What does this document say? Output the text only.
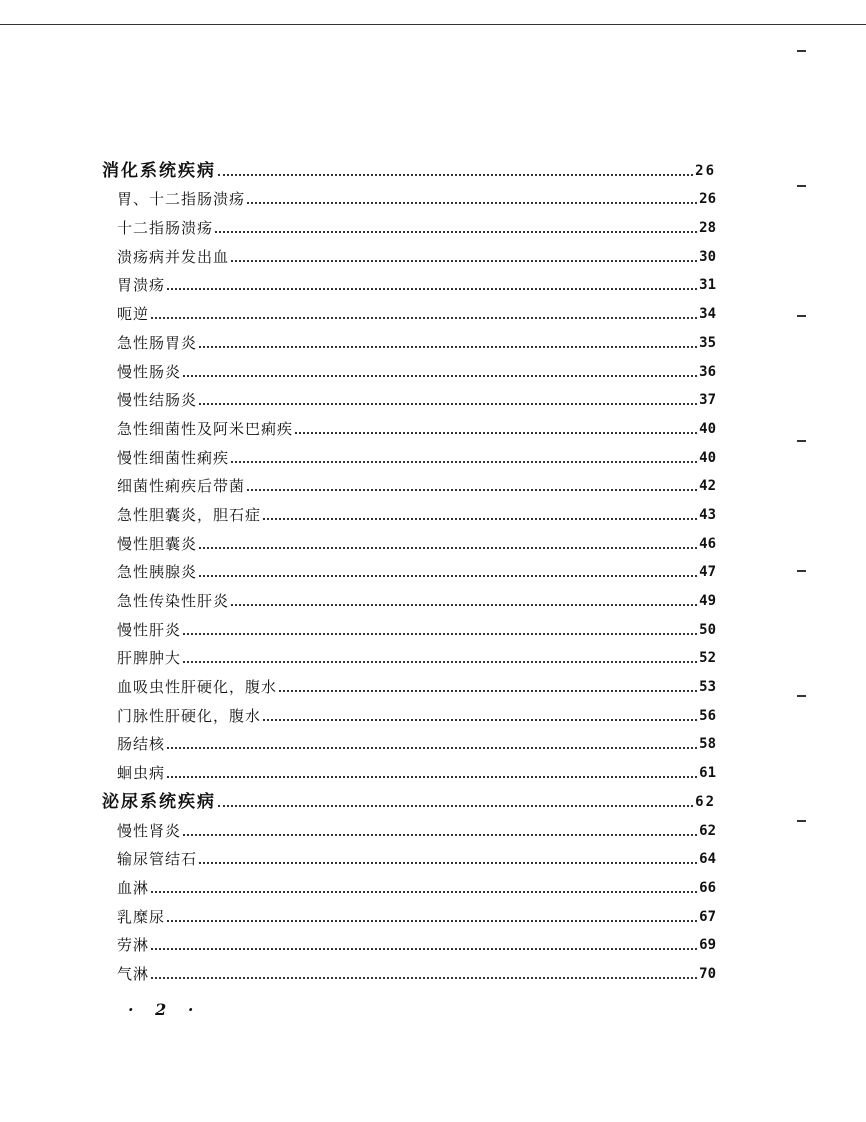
消化系统疾病	26
胃、十二指肠溃疡	26
十二指肠溃疡	28
溃疡病并发出血	30
胃溃疡	31
呃逆	34
急性肠胃炎	35
慢性肠炎	36
慢性结肠炎	37
急性细菌性及阿米巴痢疾	40
慢性细菌性痢疾	40
细菌性痢疾后带菌	42
急性胆囊炎，胆石症	43
慢性胆囊炎	46
急性胰腺炎	47
急性传染性肝炎	49
慢性肝炎	50
肝脾肿大	52
血吸虫性肝硬化，腹水	53
门脉性肝硬化，腹水	56
肠结核	58
蛔虫病	61
泌尿系统疾病	62
慢性肾炎	62
输尿管结石	64
血淋	66
乳糜尿	67
劳淋	69
气淋	70
· 2 ·
